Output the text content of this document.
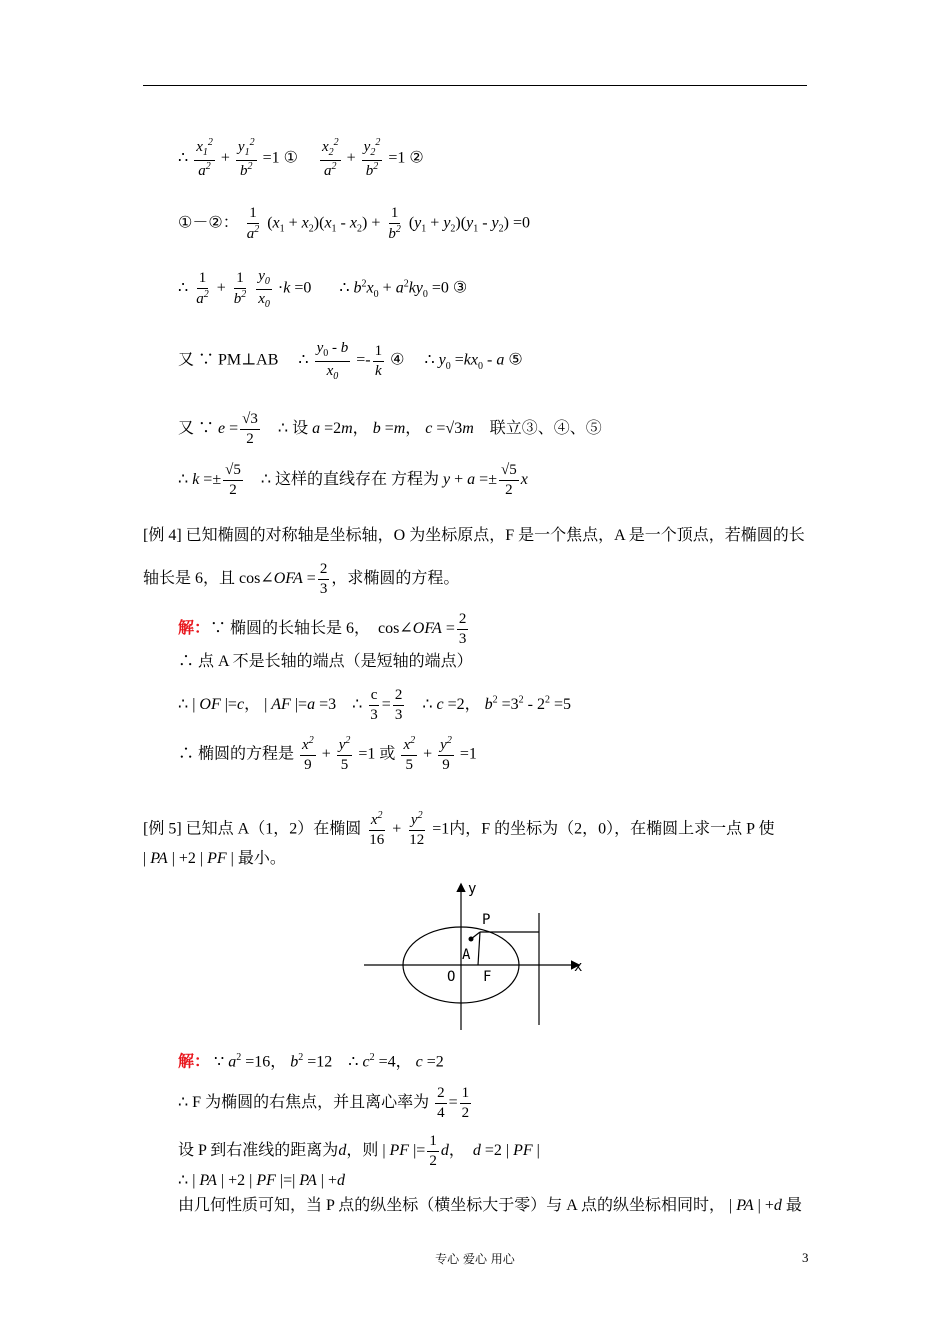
∴ $\frac{x_1^2}{a^2} + \frac{y_1^2}{b^2} =1$ ① $\frac{x_2^2}{a^2} + \frac{y_2^2}{b^2} =1$ ②
①－②： $\frac{1}{a^2} (x_1 + x_2)(x_1 - x_2) + \frac{1}{b^2} (y_1 + y_2)(y_1 - y_2) =0$
∴ $\frac{1}{a^2} + \frac{1}{b^2}$
$\frac{y_0}{x_0} \cdot k =0$       ∴ $b^2x_0 + a^2ky_0 =0$ ③
又 ∵ PM⊥AB ∴ $\frac{y_0 - b}{x_0} =- \frac{1}{k}$ ④ ∴ $y_0 =kx_0 - a$ ⑤
又 ∵ $e = \frac{√3}{2}$ ∴ 设 a =2m， b =m， c =√3m 联立③、④、⑤
∴ $k =\pm \frac{√5}{2}$ ∴ 这样的直线存在 方程为 $y + a =\pm \frac{√5}{2}$ x
[例 4] 已知椭圆的对称轴是坐标轴，O 为坐标原点，F 是一个焦点，A 是一个顶点，若椭圆的长
轴长是 6，且 cos∠OFA = $\frac{2}{3}$ ，求椭圆的方程。
解：∵ 椭圆的长轴长是 6，  cos∠OFA = $\frac{2}{3}$
∴ 点 A 不是长轴的端点（是短轴的端点）
∴ | OF |=c， | AF |=a =3    ∴ $\frac{c}{3} = \frac{2}{3}$ ∴ c =2， $b^2 =3^2 - 2^2 =5$
∴ 椭圆的方程是 $\frac{x^2}{9} + \frac{y^2}{5} =1$ 或 $\frac{x^2}{5} + \frac{y^2}{9} =1$
[例 5] 已知点 A（1，2）在椭圆 $\frac{x^2}{16} + \frac{y^2}{12} =1$内，F 的坐标为（2，0），在椭圆上求一点 P 使
| PA | +2 | PF | 最小。
y
x
P
A
O F
解： ∵ $a^2 =16$， $b^2 =12$    ∴ $c^2 =4$， c =2
∴ F 为椭圆的右焦点，并且离心率为 $\frac{2}{4} = \frac{1}{2}$
设 P 到右准线的距离为d，则 | PF |= $\frac{1}{2}$ d，  d =2 | PF |
∴ | PA | +2 | PF |=| PA | +d
由几何性质可知，当 P 点的纵坐标（横坐标大于零）与 A 点的纵坐标相同时， | PA | +d 最
专心 爱心 用心	3
